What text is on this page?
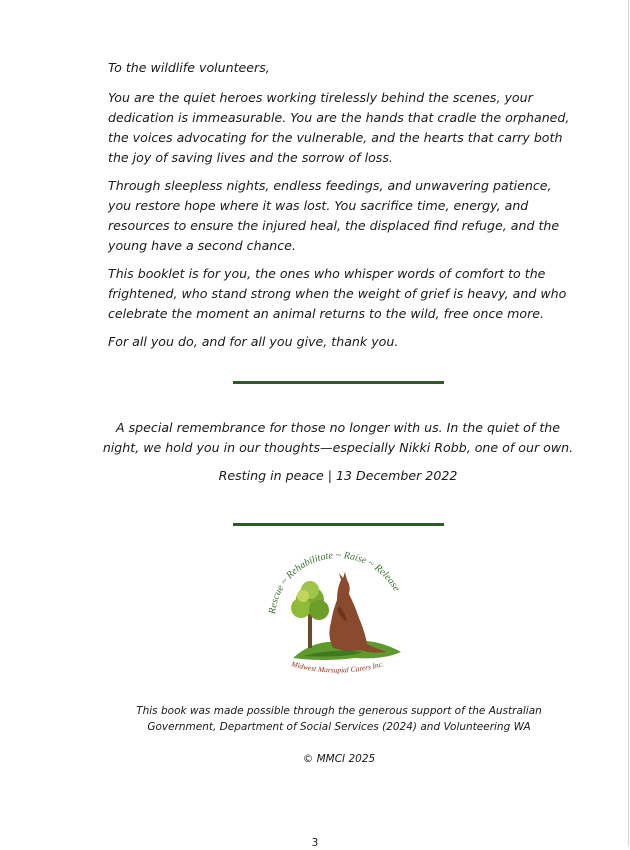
To the wildlife volunteers,

You are the quiet heroes working tirelessly behind the scenes, your dedication is immeasurable. You are the hands that cradle the orphaned, the voices advocating for the vulnerable, and the hearts that carry both the joy of saving lives and the sorrow of loss.

Through sleepless nights, endless feedings, and unwavering patience, you restore hope where it was lost. You sacrifice time, energy, and resources to ensure the injured heal, the displaced find refuge, and the young have a second chance.

This booklet is for you, the ones who whisper words of comfort to the frightened, who stand strong when the weight of grief is heavy, and who celebrate the moment an animal returns to the wild, free once more.

For all you do, and for all you give, thank you.

A special remembrance for those no longer with us. In the quiet of the night, we hold you in our thoughts—especially Nikki Robb, one of our own.

Resting in peace | 13 December 2022

Rescue ~ Rehabilitate ~ Raise ~ Release
Midwest Marsupial Carers Inc.

This book was made possible through the generous support of the Australian

Government, Department of Social Services (2024) and Volunteering WA

© MMCI 2025
3
